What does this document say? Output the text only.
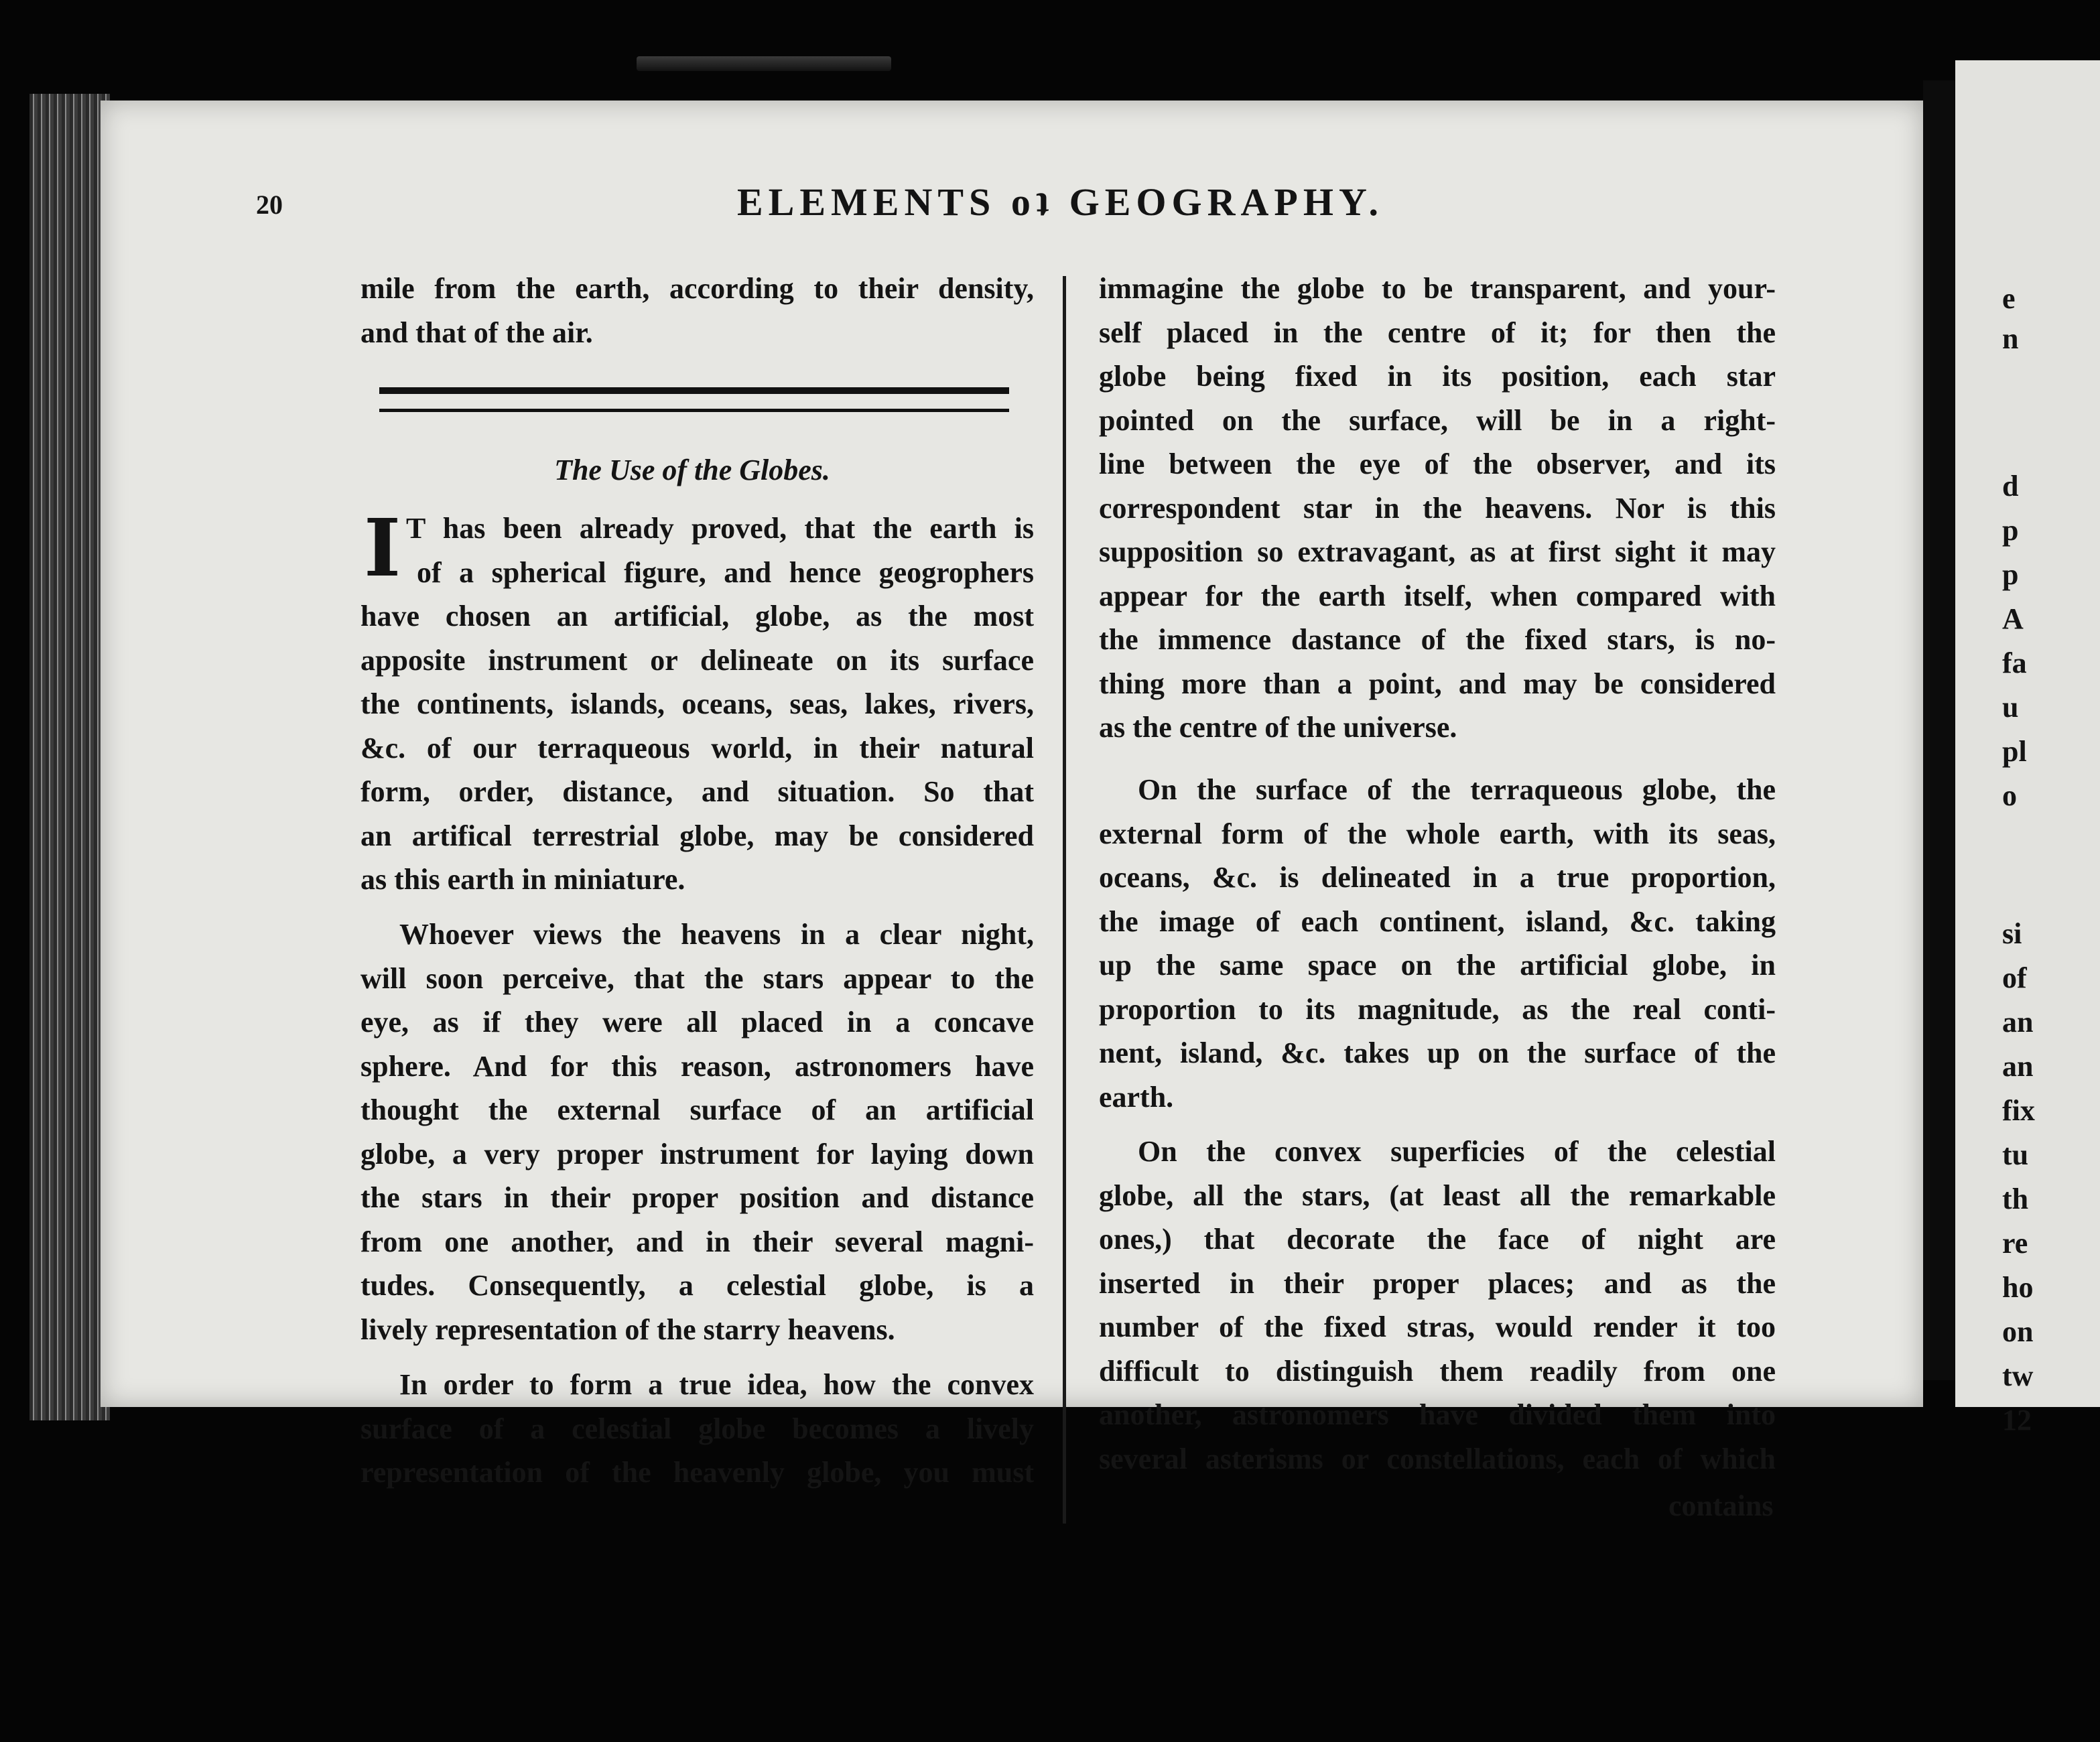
e
n
d
p
p
A
fa
u
pl
o
si
of
an
an
fix
tu
th
re
ho
on
tw
12
20	ELEMENTS oʇ GEOGRAPHY.
mile from the earth, according to their density,
and that of the air.
The Use of the Globes.
I T has been already proved, that the earth is
of a spherical figure, and hence geogrophers
have chosen an artificial, globe, as the most
apposite instrument or delineate on its surface
the continents, islands, oceans, seas, lakes, rivers,
&c. of our terraqueous world, in their natural
form, order, distance, and situation. So that
an artifical terrestrial globe, may be considered
as this earth in miniature.
Whoever views the heavens in a clear night,
will soon perceive, that the stars appear to the
eye, as if they were all placed in a concave
sphere. And for this reason, astronomers have
thought the external surface of an artificial
globe, a very proper instrument for laying down
the stars in their proper position and distance
from one another, and in their several magni-
tudes. Consequently, a celestial globe, is a
lively representation of the starry heavens.
In order to form a true idea, how the convex
surface of a celestial globe becomes a lively
representation of the heavenly globe, you must
immagine the globe to be transparent, and your-
self placed in the centre of it; for then the
globe being fixed in its position, each star
pointed on the surface, will be in a right-
line between the eye of the observer, and its
correspondent star in the heavens. Nor is this
supposition so extravagant, as at first sight it may
appear for the earth itself, when compared with
the immence dastance of the fixed stars, is no-
thing more than a point, and may be considered
as the centre of the universe.
On the surface of the terraqueous globe, the
external form of the whole earth, with its seas,
oceans, &c. is delineated in a true proportion,
the image of each continent, island, &c. taking
up the same space on the artificial globe, in
proportion to its magnitude, as the real conti-
nent, island, &c. takes up on the surface of the
earth.
On the convex superficies of the celestial
globe, all the stars, (at least all the remarkable
ones,) that decorate the face of night are
inserted in their proper places; and as the
number of the fixed stras, would render it too
difficult to distinguish them readily from one
another, astronomers have divided them into
several asterisms or constellations, each of which
contains
